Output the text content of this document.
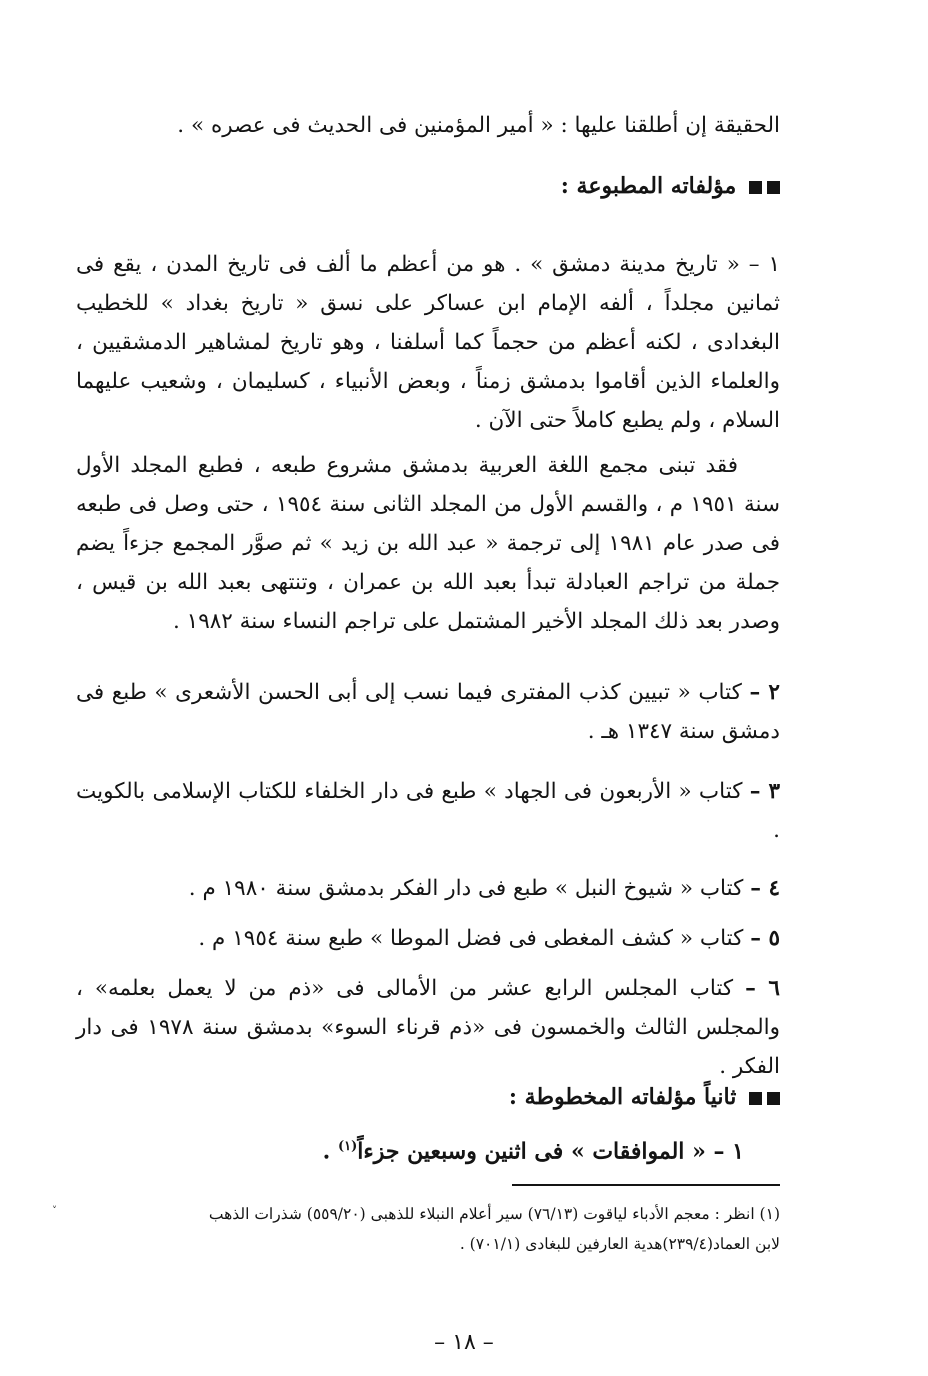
الحقيقة إن أطلقنا عليها : « أمير المؤمنين فى الحديث فى عصره » .
مؤلفاته المطبوعة :
١ – « تاريخ مدينة دمشق » . هو من أعظم ما ألف فى تاريخ المدن ، يقع فى ثمانين مجلداً ، ألفه الإمام ابن عساكر على نسق « تاريخ بغداد » للخطيب البغدادى ، لكنه أعظم من حجماً كما أسلفنا ، وهو تاريخ لمشاهير الدمشقيين ، والعلماء الذين أقاموا بدمشق زمناً ، وبعض الأنبياء ، كسليمان ، وشعيب عليهما السلام ، ولم يطبع كاملاً حتى الآن .
فقد تبنى مجمع اللغة العربية بدمشق مشروع طبعه ، فطبع المجلد الأول سنة ١٩٥١ م ، والقسم الأول من المجلد الثانى سنة ١٩٥٤ ، حتى وصل فى طبعه فى صدر عام ١٩٨١ إلى ترجمة « عبد الله بن زيد » ثم صوَّر المجمع جزءاً يضم جملة من تراجم العبادلة تبدأ بعبد الله بن عمران ، وتنتهى بعبد الله بن قيس ، وصدر بعد ذلك المجلد الأخير المشتمل على تراجم النساء سنة ١٩٨٢ .
٢ – كتاب « تبيين كذب المفترى فيما نسب إلى أبى الحسن الأشعرى » طبع فى دمشق سنة ١٣٤٧ هـ .
٣ – كتاب « الأربعون فى الجهاد » طبع فى دار الخلفاء للكتاب الإسلامى بالكويت .
٤ – كتاب « شيوخ النبل » طبع فى دار الفكر بدمشق سنة ١٩٨٠ م .
٥ – كتاب « كشف المغطى فى فضل الموطا » طبع سنة ١٩٥٤ م .
٦ – كتاب المجلس الرابع عشر من الأمالى فى «ذم من لا يعمل بعلمه» ، والمجلس الثالث والخمسون فى «ذم قرناء السوء» بدمشق سنة ١٩٧٨ فى دار الفكر .
ثانياً مؤلفاته المخطوطة :
١ – « الموافقات » فى اثنين وسبعين جزءاً$^{(١)}$ .
(١) انظر : معجم الأدباء لياقوت (٧٦/١٣) سير أعلام النبلاء للذهبى (٥٥٩/٢٠) شذرات الذهب
لابن العماد(٢٣٩/٤)هدية العارفين للبغادى (٧٠١/١) .
˅
– ١٨ –
